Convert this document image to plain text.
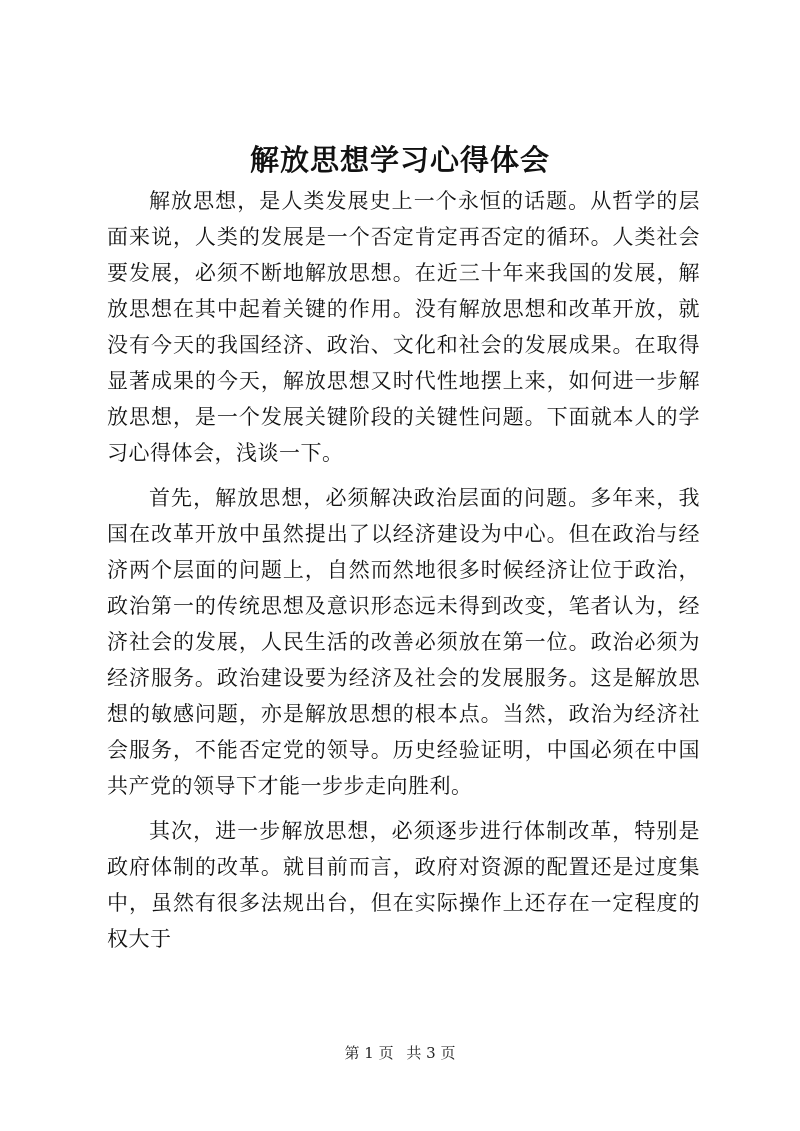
解放思想学习心得体会

解放思想，是人类发展史上一个永恒的话题。从哲学的层面来说，人类的发展是一个否定肯定再否定的循环。人类社会要发展，必须不断地解放思想。在近三十年来我国的发展，解放思想在其中起着关键的作用。没有解放思想和改革开放，就没有今天的我国经济、政治、文化和社会的发展成果。在取得显著成果的今天，解放思想又时代性地摆上来，如何进一步解放思想，是一个发展关键阶段的关键性问题。下面就本人的学习心得体会，浅谈一下。

首先，解放思想，必须解决政治层面的问题。多年来，我国在改革开放中虽然提出了以经济建设为中心。但在政治与经济两个层面的问题上，自然而然地很多时候经济让位于政治，政治第一的传统思想及意识形态远未得到改变，笔者认为，经济社会的发展，人民生活的改善必须放在第一位。政治必须为经济服务。政治建设要为经济及社会的发展服务。这是解放思想的敏感问题，亦是解放思想的根本点。当然，政治为经济社会服务，不能否定党的领导。历史经验证明，中国必须在中国共产党的领导下才能一步步走向胜利。

其次，进一步解放思想，必须逐步进行体制改革，特别是政府体制的改革。就目前而言，政府对资源的配置还是过度集中，虽然有很多法规出台，但在实际操作上还存在一定程度的权大于

第 1 页 共 3 页
